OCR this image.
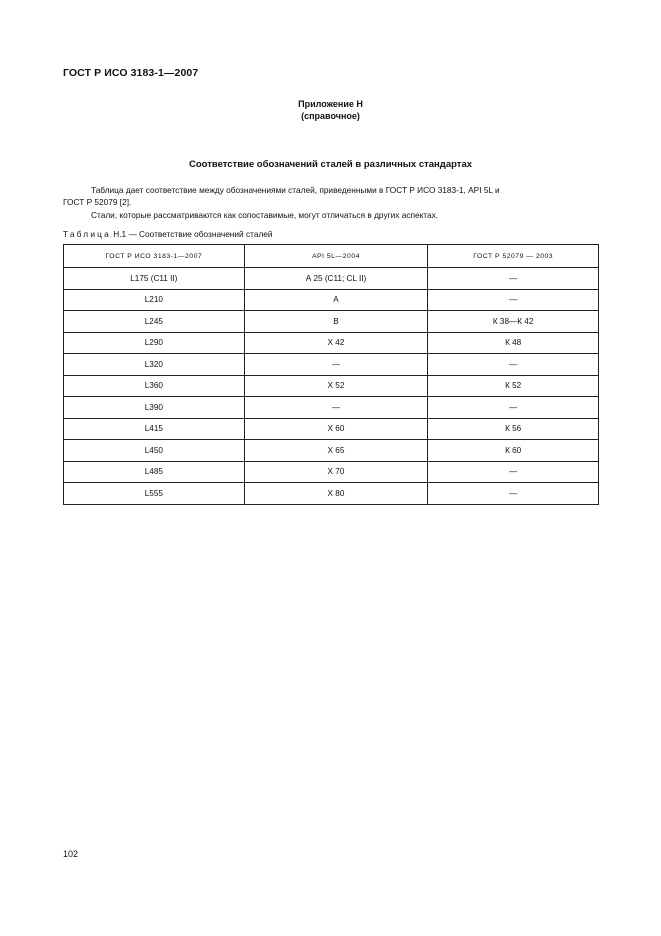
ГОСТ Р ИСО 3183-1—2007
Приложение Н
(справочное)
Соответствие обозначений сталей в различных стандартах
Таблица дает соответствие между обозначениями сталей, приведенными в ГОСТ Р ИСО 3183-1, API 5L и
ГОСТ Р 52079 [2].
Стали, которые рассматриваются как сопоставимые, могут отличаться в других аспектах.
Таблица Н.1 — Соответствие обозначений сталей
ГОСТ Р ИСО 3183-1—2007	API 5L—2004	ГОСТ Р 52079 — 2003
L175 (С11 II)	А 25 (С11; CL II)	—
L210	А	—
L245	В	К 38—К 42
L290	Х 42	К 48
L320	—	—
L360	Х 52	К 52
L390	—	—
L415	Х 60	К 56
L450	Х 65	К 60
L485	Х 70	—
L555	Х 80	—
102
